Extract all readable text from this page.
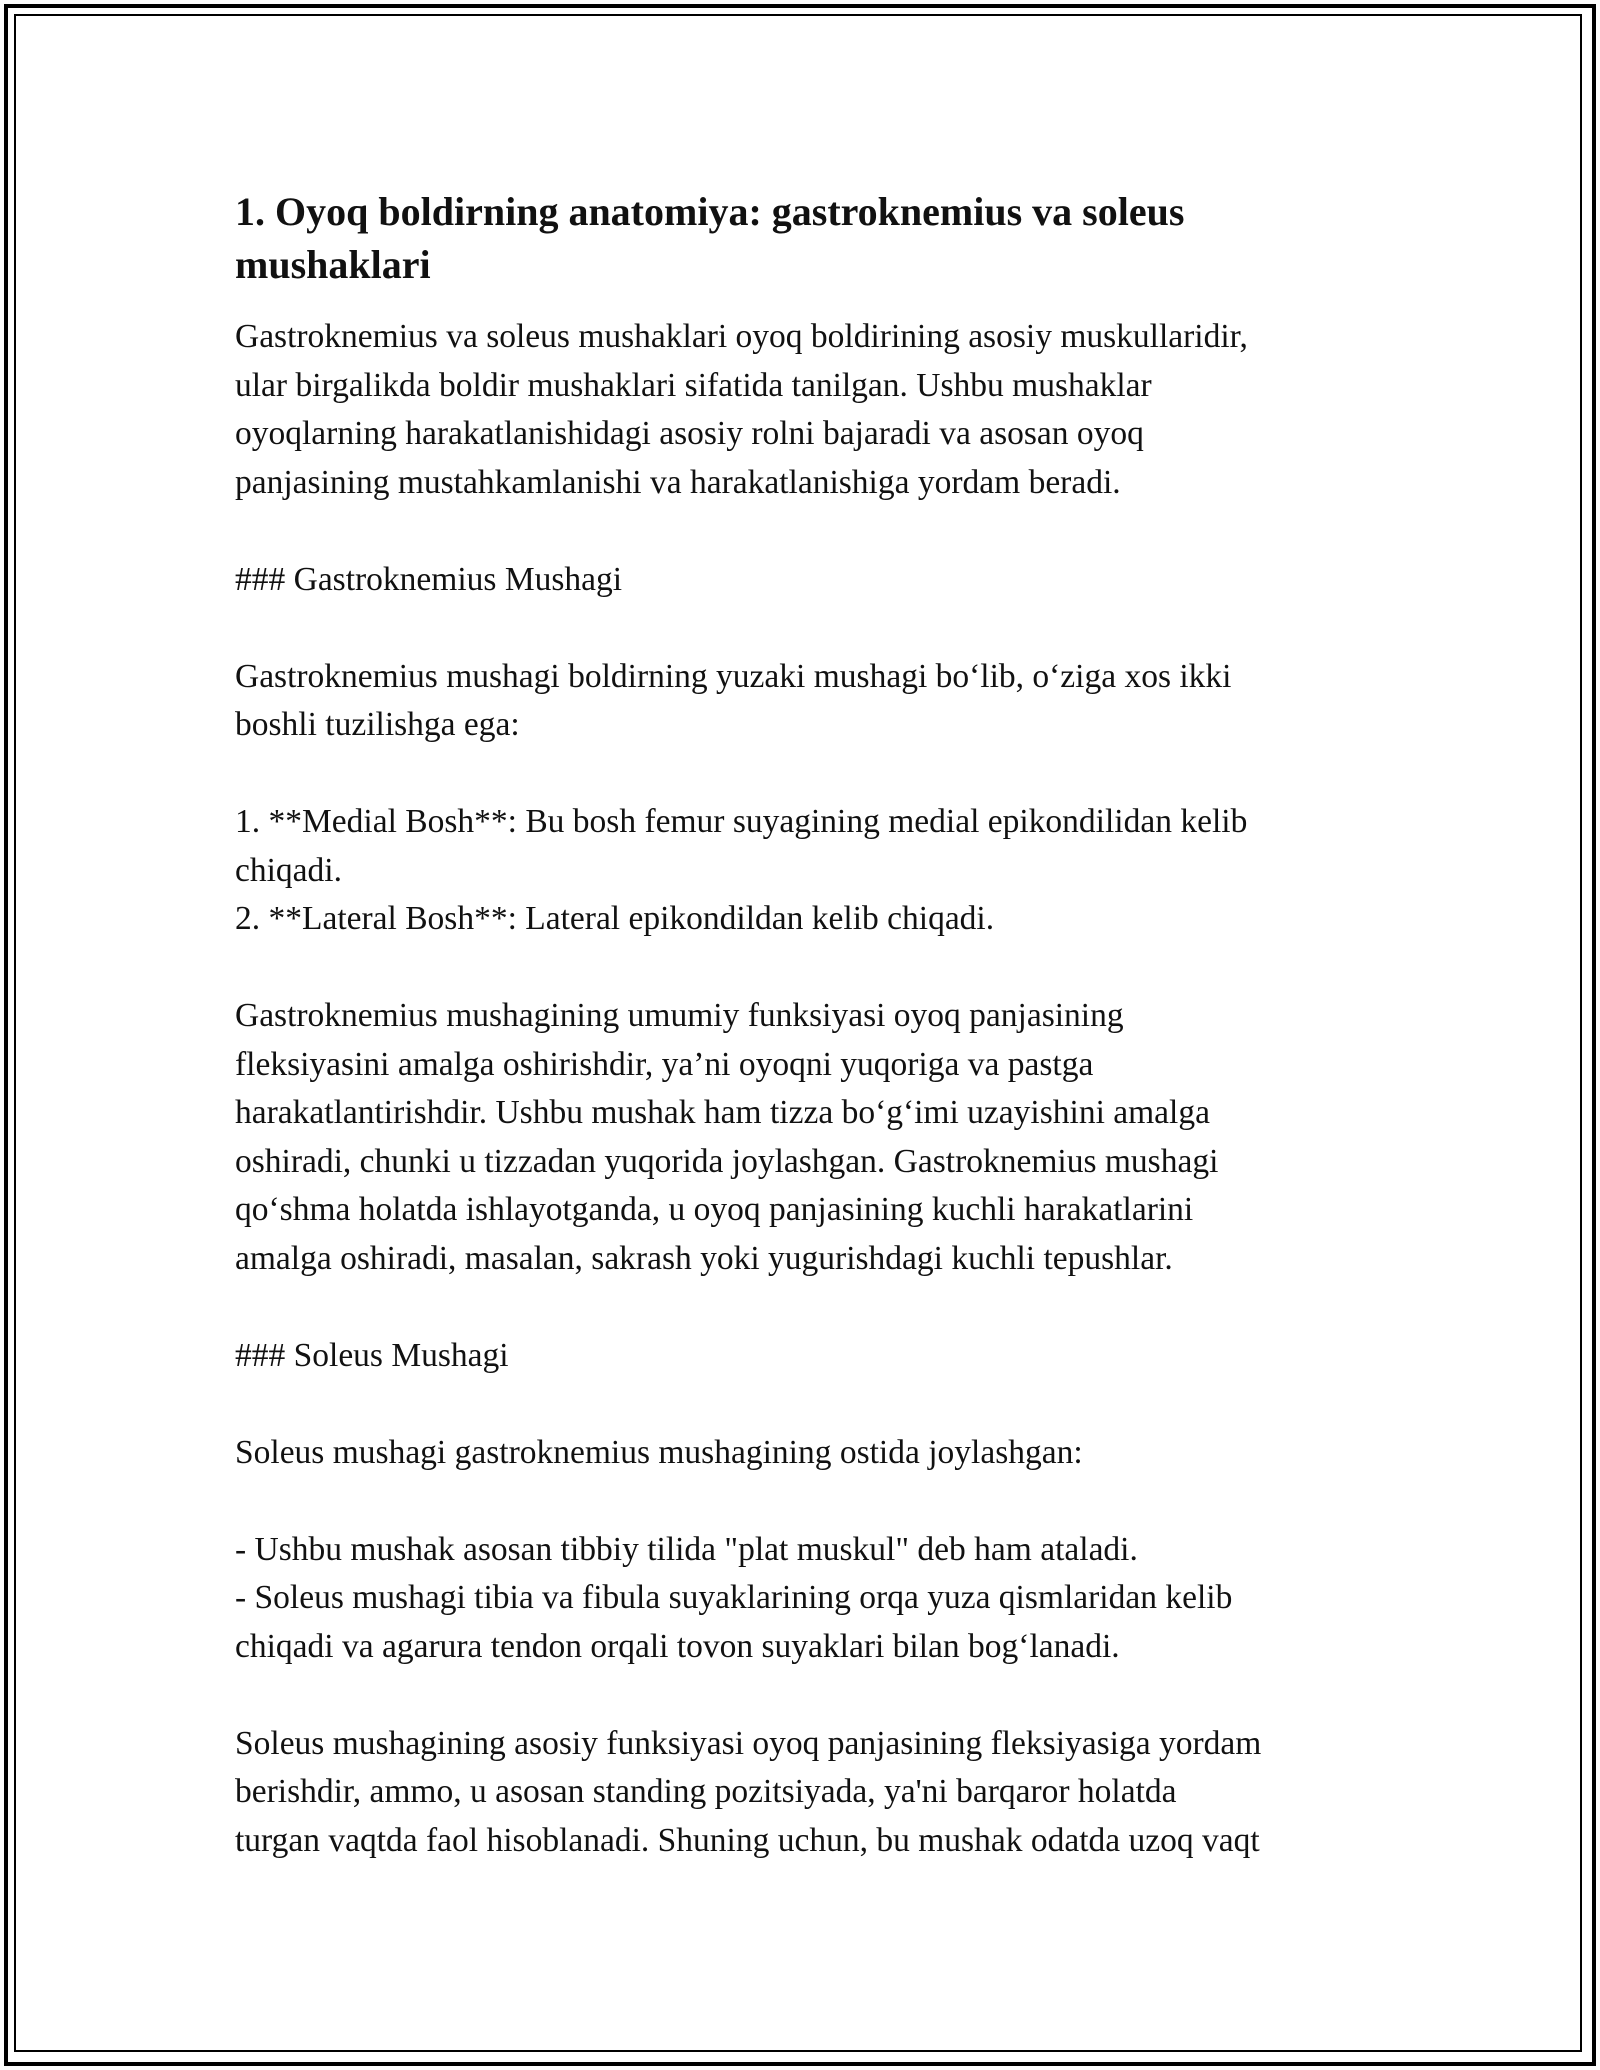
1. Oyoq boldirning anatomiya: gastroknemius va soleus
mushaklari

Gastroknemius va soleus mushaklari oyoq boldirining asosiy muskullaridir,
ular birgalikda boldir mushaklari sifatida tanilgan. Ushbu mushaklar
oyoqlarning harakatlanishidagi asosiy rolni bajaradi va asosan oyoq
panjasining mustahkamlanishi va harakatlanishiga yordam beradi.

### Gastroknemius Mushagi

Gastroknemius mushagi boldirning yuzaki mushagi bo‘lib, o‘ziga xos ikki
boshli tuzilishga ega:

1. **Medial Bosh**: Bu bosh femur suyagining medial epikondilidan kelib
chiqadi.
2. **Lateral Bosh**: Lateral epikondildan kelib chiqadi.

Gastroknemius mushagining umumiy funksiyasi oyoq panjasining
fleksiyasini amalga oshirishdir, ya’ni oyoqni yuqoriga va pastga
harakatlantirishdir. Ushbu mushak ham tizza bo‘g‘imi uzayishini amalga
oshiradi, chunki u tizzadan yuqorida joylashgan. Gastroknemius mushagi
qo‘shma holatda ishlayotganda, u oyoq panjasining kuchli harakatlarini
amalga oshiradi, masalan, sakrash yoki yugurishdagi kuchli tepushlar.

### Soleus Mushagi

Soleus mushagi gastroknemius mushagining ostida joylashgan:

- Ushbu mushak asosan tibbiy tilida "plat muskul" deb ham ataladi.
- Soleus mushagi tibia va fibula suyaklarining orqa yuza qismlaridan kelib
chiqadi va agarura tendon orqali tovon suyaklari bilan bog‘lanadi.

Soleus mushagining asosiy funksiyasi oyoq panjasining fleksiyasiga yordam
berishdir, ammo, u asosan standing pozitsiyada, ya'ni barqaror holatda
turgan vaqtda faol hisoblanadi. Shuning uchun, bu mushak odatda uzoq vaqt
